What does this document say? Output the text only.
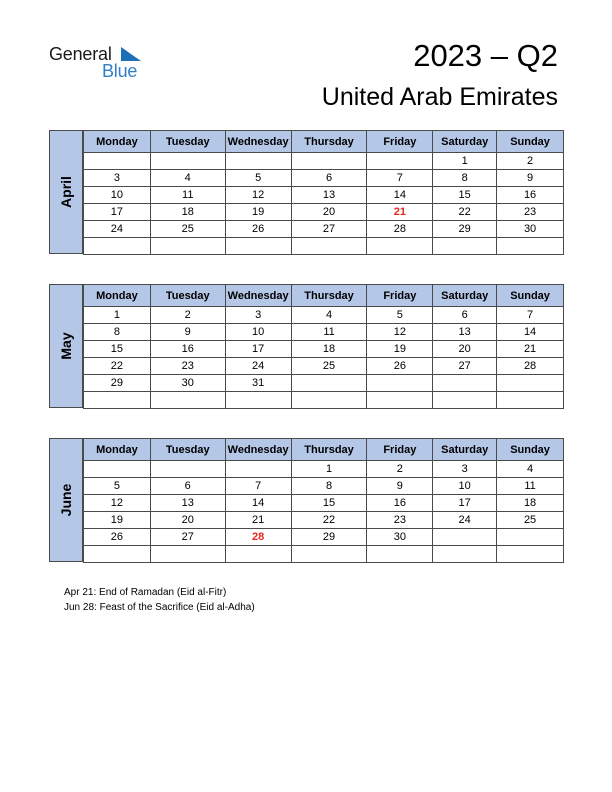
General
Blue	2023 – Q2
United Arab Emirates
April
Monday	Tuesday	Wednesday	Thursday	Friday	Saturday	Sunday
					1	2
3	4	5	6	7	8	9
10	11	12	13	14	15	16
17	18	19	20	21	22	23
24	25	26	27	28	29	30

May
Monday	Tuesday	Wednesday	Thursday	Friday	Saturday	Sunday
1	2	3	4	5	6	7
8	9	10	11	12	13	14
15	16	17	18	19	20	21
22	23	24	25	26	27	28
29	30	31				

June
Monday	Tuesday	Wednesday	Thursday	Friday	Saturday	Sunday
			1	2	3	4
5	6	7	8	9	10	11
12	13	14	15	16	17	18
19	20	21	22	23	24	25
26	27	28	29	30		

Apr 21: End of Ramadan (Eid al-Fitr)
Jun 28: Feast of the Sacrifice (Eid al-Adha)
